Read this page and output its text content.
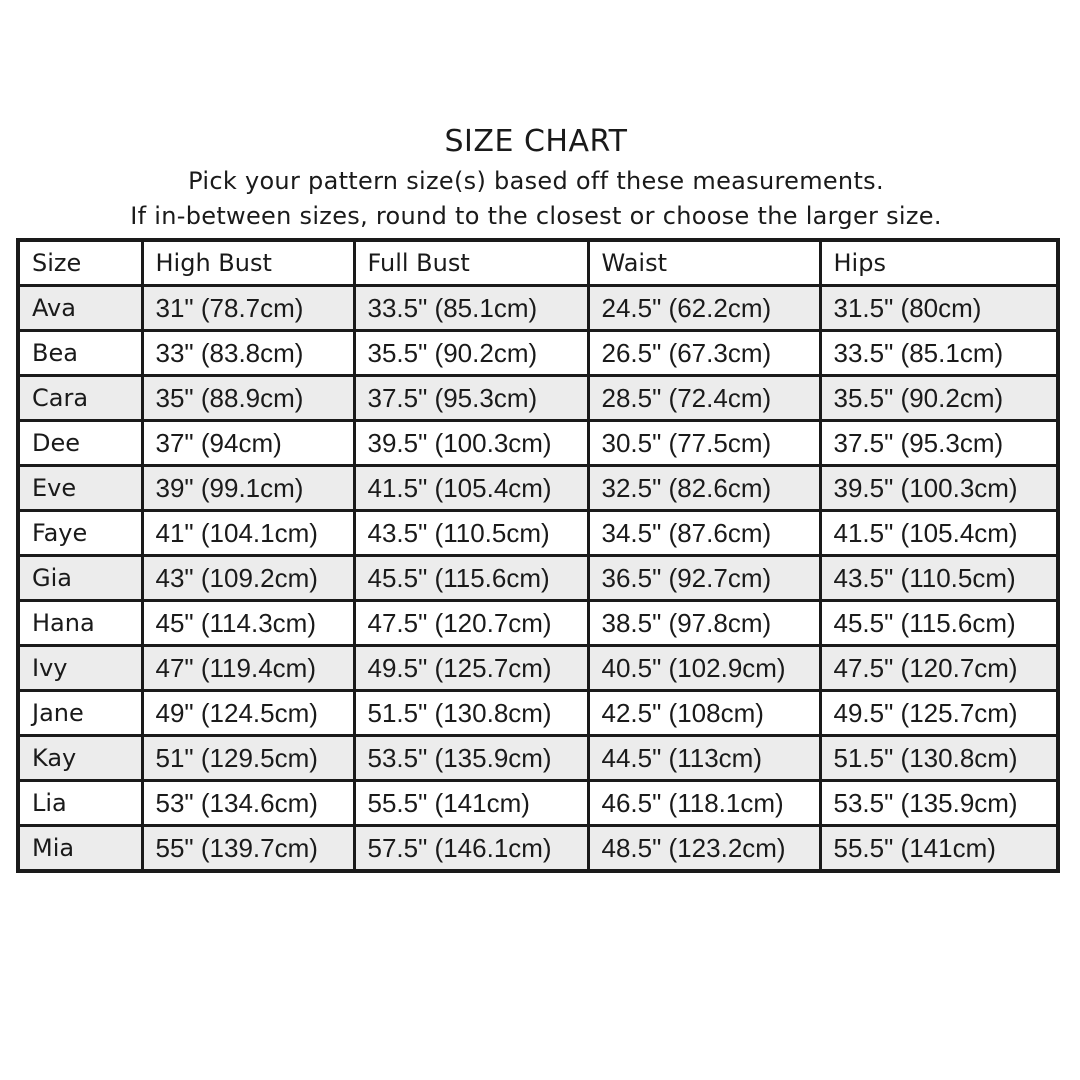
SIZE CHART

Pick your pattern size(s) based off these measurements.

If in-between sizes, round to the closest or choose the larger size.

Size	High Bust	Full Bust	Waist	Hips
Ava	31" (78.7cm)	33.5" (85.1cm)	24.5" (62.2cm)	31.5" (80cm)
Bea	33" (83.8cm)	35.5" (90.2cm)	26.5" (67.3cm)	33.5" (85.1cm)
Cara	35" (88.9cm)	37.5" (95.3cm)	28.5" (72.4cm)	35.5" (90.2cm)
Dee	37" (94cm)	39.5" (100.3cm)	30.5" (77.5cm)	37.5" (95.3cm)
Eve	39" (99.1cm)	41.5" (105.4cm)	32.5" (82.6cm)	39.5" (100.3cm)
Faye	41" (104.1cm)	43.5" (110.5cm)	34.5" (87.6cm)	41.5" (105.4cm)
Gia	43" (109.2cm)	45.5" (115.6cm)	36.5" (92.7cm)	43.5" (110.5cm)
Hana	45" (114.3cm)	47.5" (120.7cm)	38.5" (97.8cm)	45.5" (115.6cm)
Ivy	47" (119.4cm)	49.5" (125.7cm)	40.5" (102.9cm)	47.5" (120.7cm)
Jane	49" (124.5cm)	51.5" (130.8cm)	42.5" (108cm)	49.5" (125.7cm)
Kay	51" (129.5cm)	53.5" (135.9cm)	44.5" (113cm)	51.5" (130.8cm)
Lia	53" (134.6cm)	55.5" (141cm)	46.5" (118.1cm)	53.5" (135.9cm)
Mia	55" (139.7cm)	57.5" (146.1cm)	48.5" (123.2cm)	55.5" (141cm)
